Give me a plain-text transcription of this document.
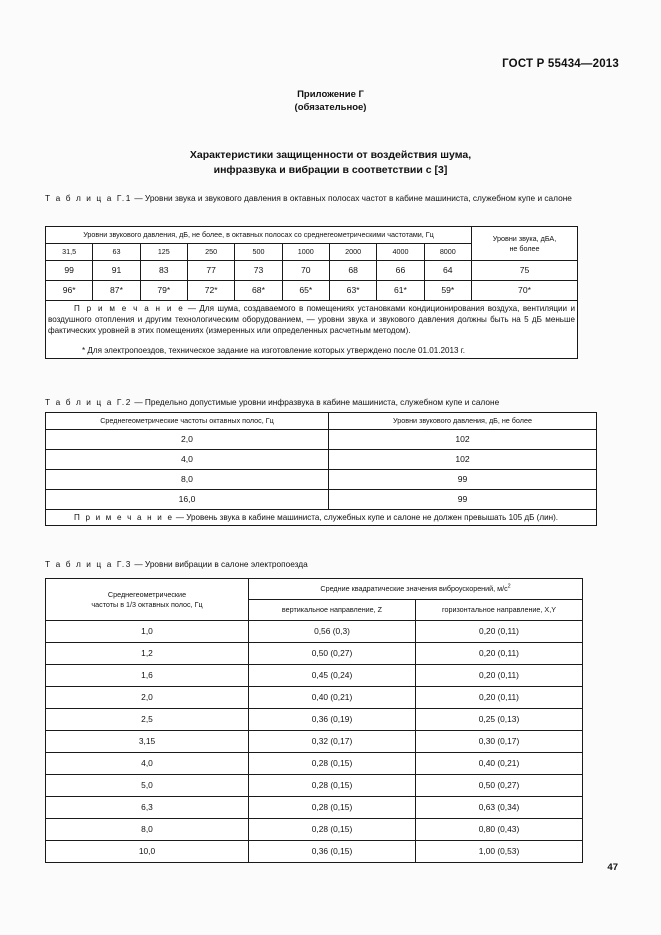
ГОСТ Р 55434—2013
Приложение Г
(обязательное)
Характеристики защищенности от воздействия шума,
инфразвука и вибрации в соответствии с [3]
Т а б л и ц а Г.1 — Уровни звука и звукового давления в октавных полосах частот в кабине машиниста, служебном купе и салоне
Уровни звукового давления, дБ, не более, в октавных полосах со среднегеометрическими частотами, Гц									Уровни звука, дБА,
не более
31,5	63	125	250	500	1000	2000	4000	8000	
99	91	83	77	73	70	68	66	64	75
96*	87*	79*	72*	68*	65*	63*	61*	59*	70*

П р и м е ч а н и е — Для шума, создаваемого в помещениях установками кондиционирования воздуха, вентиляции и воздушного отопления и другим технологическим оборудованием, — уровни звука и звукового давления должны быть на 5 дБ меньше фактических уровней в этих помещениях (измеренных или определенных расчетным методом).

* Для электропоездов, техническое задание на изготовление которых утверждено после 01.01.2013 г.									

Т а б л и ц а Г.2 — Предельно допустимые уровни инфразвука в кабине машиниста, служебном купе и салоне
Среднегеометрические частоты октавных полос, Гц	Уровни звукового давления, дБ, не более
2,0	102
4,0	102
8,0	99
16,0	99

П р и м е ч а н и е — Уровень звука в кабине машиниста, служебных купе и салоне не должен превышать 105 дБ (лин).	

Т а б л и ц а Г.3 — Уровни вибрации в салоне электропоезда
Среднегеометрические
частоты в 1/3 октавных полос, Гц	Средние квадратические значения виброускорений, $м/с^2$
	вертикальное направление, Z	горизонтальное направление, X,Y
1,0	0,56 (0,3)	0,20 (0,11)
1,2	0,50 (0,27)	0,20 (0,11)
1,6	0,45 (0,24)	0,20 (0,11)
2,0	0,40 (0,21)	0,20 (0,11)
2,5	0,36 (0,19)	0,25 (0,13)
3,15	0,32 (0,17)	0,30 (0,17)
4,0	0,28 (0,15)	0,40 (0,21)
5,0	0,28 (0,15)	0,50 (0,27)
6,3	0,28 (0,15)	0,63 (0,34)
8,0	0,28 (0,15)	0,80 (0,43)
10,0	0,36 (0,15)	1,00 (0,53)
47
